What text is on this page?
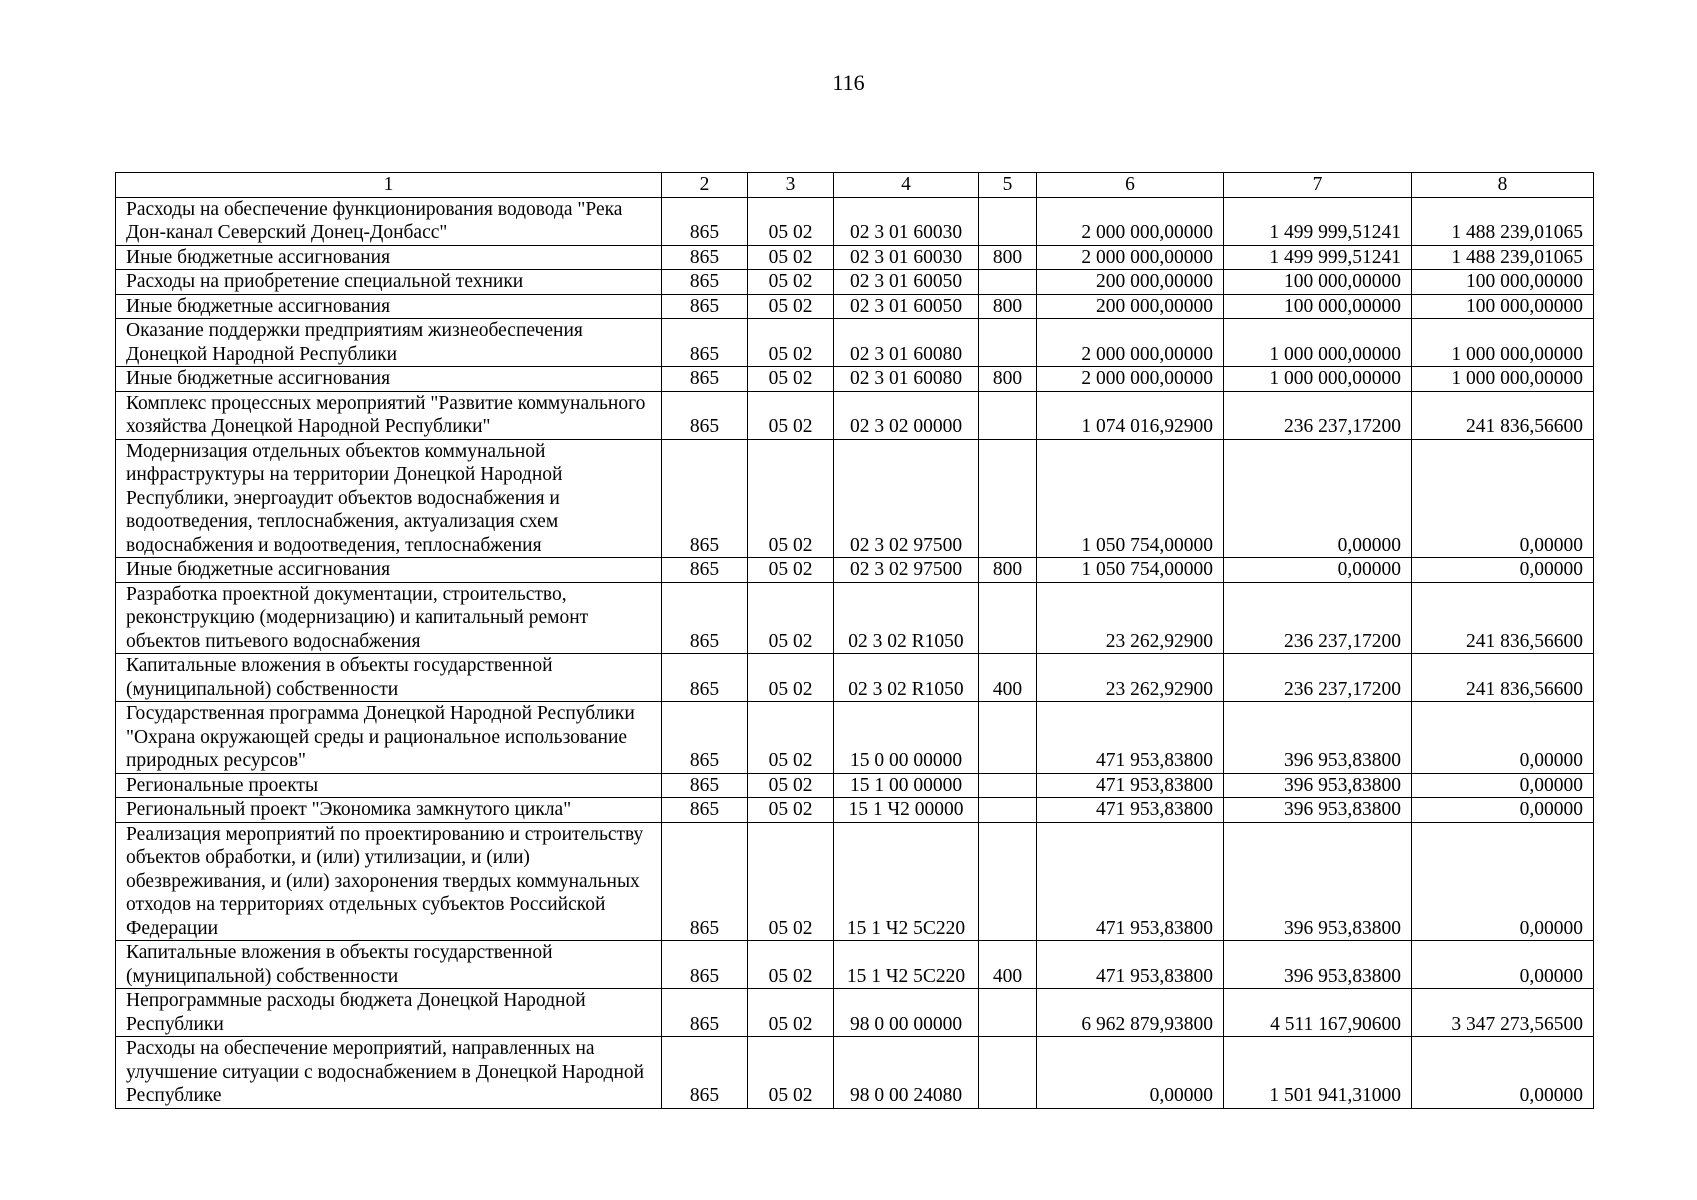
116
1	2	3	4	5	6	7	8
Расходы на обеспечение функционирования водовода "Река Дон-канал Северский Донец-Донбасс"	865	05 02	02 3 01 60030		2 000 000,00000	1 499 999,51241	1 488 239,01065
Иные бюджетные ассигнования	865	05 02	02 3 01 60030	800	2 000 000,00000	1 499 999,51241	1 488 239,01065
Расходы на приобретение специальной техники	865	05 02	02 3 01 60050		200 000,00000	100 000,00000	100 000,00000
Иные бюджетные ассигнования	865	05 02	02 3 01 60050	800	200 000,00000	100 000,00000	100 000,00000
Оказание поддержки предприятиям жизнеобеспечения Донецкой Народной Республики	865	05 02	02 3 01 60080		2 000 000,00000	1 000 000,00000	1 000 000,00000
Иные бюджетные ассигнования	865	05 02	02 3 01 60080	800	2 000 000,00000	1 000 000,00000	1 000 000,00000
Комплекс процессных мероприятий "Развитие коммунального хозяйства Донецкой Народной Республики"	865	05 02	02 3 02 00000		1 074 016,92900	236 237,17200	241 836,56600
Модернизация отдельных объектов коммунальной инфраструктуры на территории Донецкой Народной Республики, энергоаудит объектов водоснабжения и водоотведения, теплоснабжения, актуализация схем водоснабжения и водоотведения, теплоснабжения	865	05 02	02 3 02 97500		1 050 754,00000	0,00000	0,00000
Иные бюджетные ассигнования	865	05 02	02 3 02 97500	800	1 050 754,00000	0,00000	0,00000
Разработка проектной документации, строительство, реконструкцию (модернизацию) и капитальный ремонт объектов питьевого водоснабжения	865	05 02	02 3 02 R1050		23 262,92900	236 237,17200	241 836,56600
Капитальные вложения в объекты государственной (муниципальной) собственности	865	05 02	02 3 02 R1050	400	23 262,92900	236 237,17200	241 836,56600
Государственная программа Донецкой Народной Республики "Охрана окружающей среды и рациональное использование природных ресурсов"	865	05 02	15 0 00 00000		471 953,83800	396 953,83800	0,00000
Региональные проекты	865	05 02	15 1 00 00000		471 953,83800	396 953,83800	0,00000
Региональный проект "Экономика замкнутого цикла"	865	05 02	15 1 Ч2 00000		471 953,83800	396 953,83800	0,00000
Реализация мероприятий по проектированию и строительству объектов обработки, и (или) утилизации, и (или) обезвреживания, и (или) захоронения твердых коммунальных отходов на территориях отдельных субъектов Российской Федерации	865	05 02	15 1 Ч2 5С220		471 953,83800	396 953,83800	0,00000
Капитальные вложения в объекты государственной (муниципальной) собственности	865	05 02	15 1 Ч2 5С220	400	471 953,83800	396 953,83800	0,00000
Непрограммные расходы бюджета Донецкой Народной Республики	865	05 02	98 0 00 00000		6 962 879,93800	4 511 167,90600	3 347 273,56500
Расходы на обеспечение мероприятий, направленных на улучшение ситуации с водоснабжением в Донецкой Народной Республике	865	05 02	98 0 00 24080		0,00000	1 501 941,31000	0,00000
